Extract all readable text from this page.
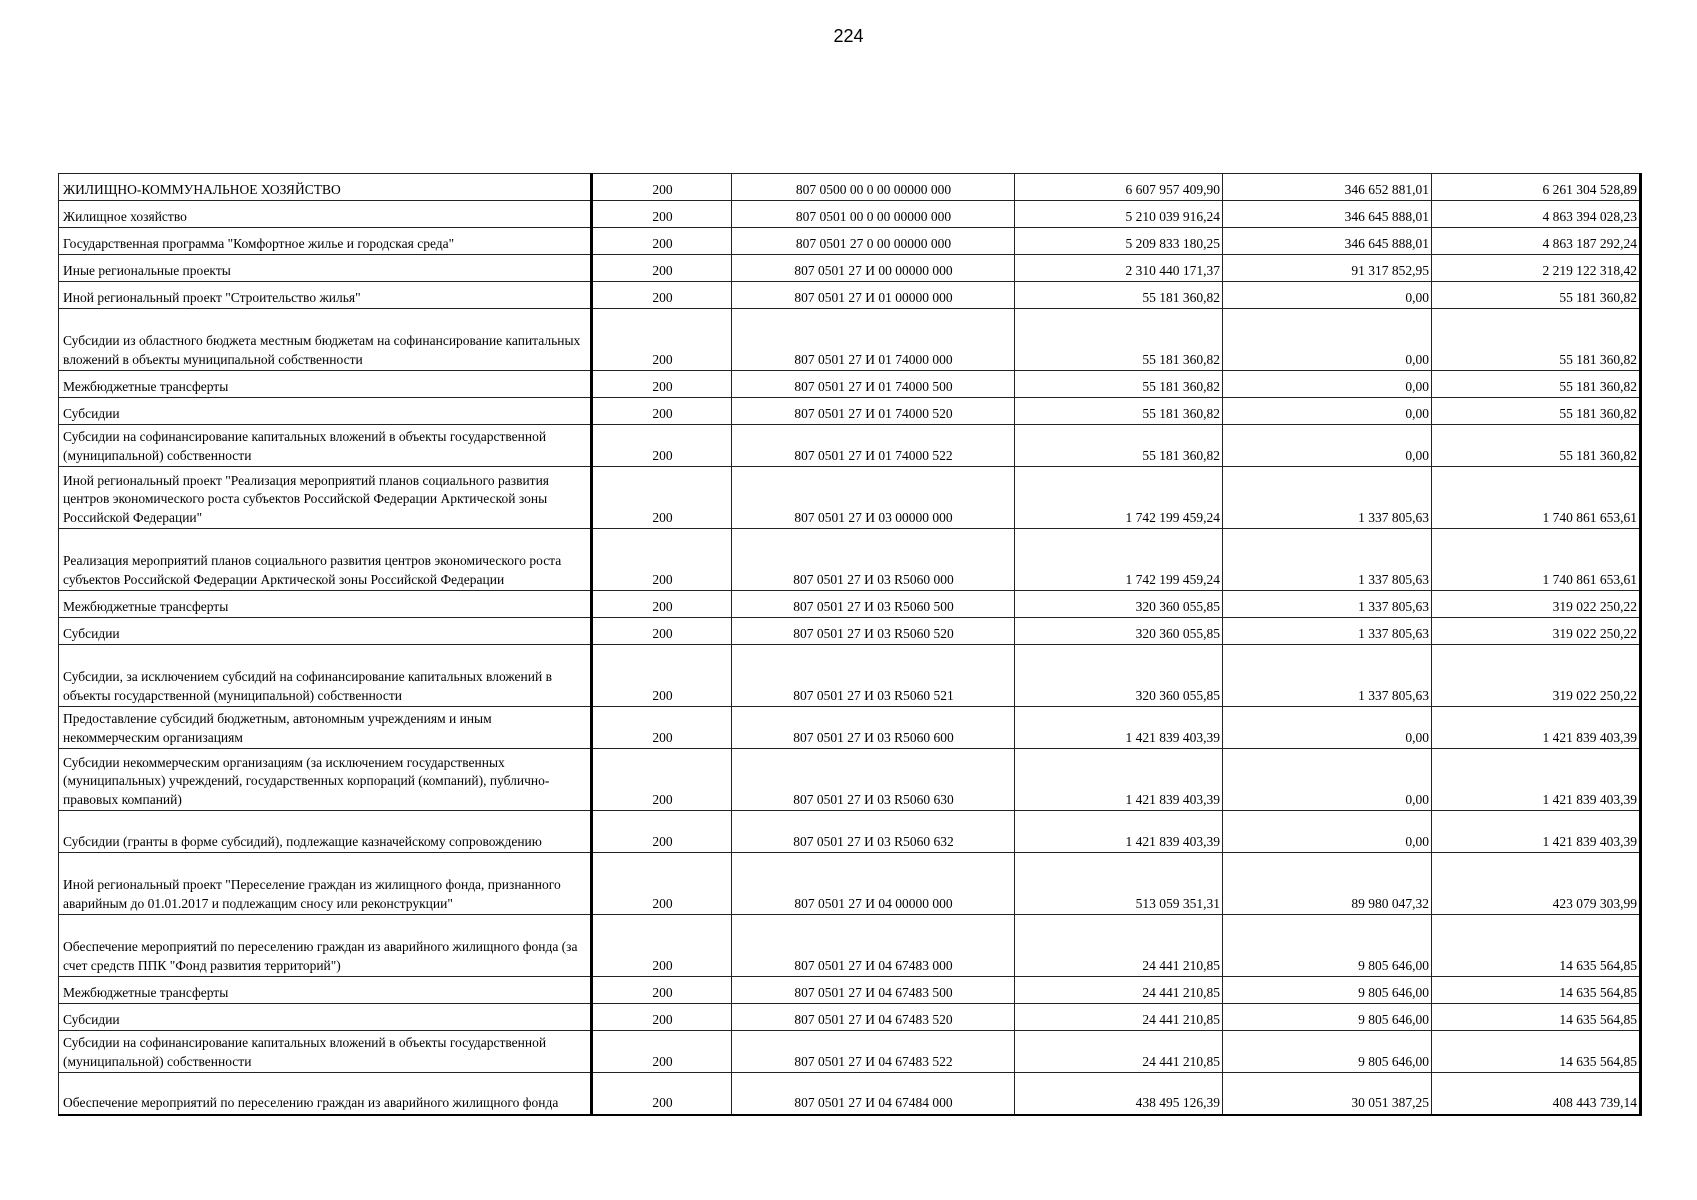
224
ЖИЛИЩНО-КОММУНАЛЬНОЕ ХОЗЯЙСТВО	200	807 0500 00 0 00 00000 000	6 607 957 409,90	346 652 881,01	6 261 304 528,89
Жилищное хозяйство	200	807 0501 00 0 00 00000 000	5 210 039 916,24	346 645 888,01	4 863 394 028,23
Государственная программа "Комфортное жилье и городская среда"	200	807 0501 27 0 00 00000 000	5 209 833 180,25	346 645 888,01	4 863 187 292,24
Иные региональные проекты	200	807 0501 27 И 00 00000 000	2 310 440 171,37	91 317 852,95	2 219 122 318,42
Иной региональный проект "Строительство жилья"	200	807 0501 27 И 01 00000 000	55 181 360,82	0,00	55 181 360,82
Субсидии из областного бюджета местным бюджетам на софинансирование капитальных вложений в объекты муниципальной собственности	200	807 0501 27 И 01 74000 000	55 181 360,82	0,00	55 181 360,82
Межбюджетные трансферты	200	807 0501 27 И 01 74000 500	55 181 360,82	0,00	55 181 360,82
Субсидии	200	807 0501 27 И 01 74000 520	55 181 360,82	0,00	55 181 360,82
Субсидии на софинансирование капитальных вложений в объекты государственной (муниципальной) собственности	200	807 0501 27 И 01 74000 522	55 181 360,82	0,00	55 181 360,82
Иной региональный проект "Реализация мероприятий планов социального развития центров экономического роста субъектов Российской Федерации Арктической зоны Российской Федерации"	200	807 0501 27 И 03 00000 000	1 742 199 459,24	1 337 805,63	1 740 861 653,61
Реализация мероприятий планов социального развития центров экономического роста субъектов Российской Федерации Арктической зоны Российской Федерации	200	807 0501 27 И 03 R5060 000	1 742 199 459,24	1 337 805,63	1 740 861 653,61
Межбюджетные трансферты	200	807 0501 27 И 03 R5060 500	320 360 055,85	1 337 805,63	319 022 250,22
Субсидии	200	807 0501 27 И 03 R5060 520	320 360 055,85	1 337 805,63	319 022 250,22
Субсидии, за исключением субсидий на софинансирование капитальных вложений в объекты государственной (муниципальной) собственности	200	807 0501 27 И 03 R5060 521	320 360 055,85	1 337 805,63	319 022 250,22
Предоставление субсидий бюджетным, автономным учреждениям и иным некоммерческим организациям	200	807 0501 27 И 03 R5060 600	1 421 839 403,39	0,00	1 421 839 403,39
Субсидии некоммерческим организациям (за исключением государственных (муниципальных) учреждений, государственных корпораций (компаний), публично-правовых компаний)	200	807 0501 27 И 03 R5060 630	1 421 839 403,39	0,00	1 421 839 403,39
Субсидии (гранты в форме субсидий), подлежащие казначейскому сопровождению	200	807 0501 27 И 03 R5060 632	1 421 839 403,39	0,00	1 421 839 403,39
Иной региональный проект "Переселение граждан из жилищного фонда, признанного аварийным до 01.01.2017 и подлежащим сносу или реконструкции"	200	807 0501 27 И 04 00000 000	513 059 351,31	89 980 047,32	423 079 303,99
Обеспечение мероприятий по переселению граждан из аварийного жилищного фонда (за счет средств ППК "Фонд развития территорий")	200	807 0501 27 И 04 67483 000	24 441 210,85	9 805 646,00	14 635 564,85
Межбюджетные трансферты	200	807 0501 27 И 04 67483 500	24 441 210,85	9 805 646,00	14 635 564,85
Субсидии	200	807 0501 27 И 04 67483 520	24 441 210,85	9 805 646,00	14 635 564,85
Субсидии на софинансирование капитальных вложений в объекты государственной (муниципальной) собственности	200	807 0501 27 И 04 67483 522	24 441 210,85	9 805 646,00	14 635 564,85
Обеспечение мероприятий по переселению граждан из аварийного жилищного фонда	200	807 0501 27 И 04 67484 000	438 495 126,39	30 051 387,25	408 443 739,14
